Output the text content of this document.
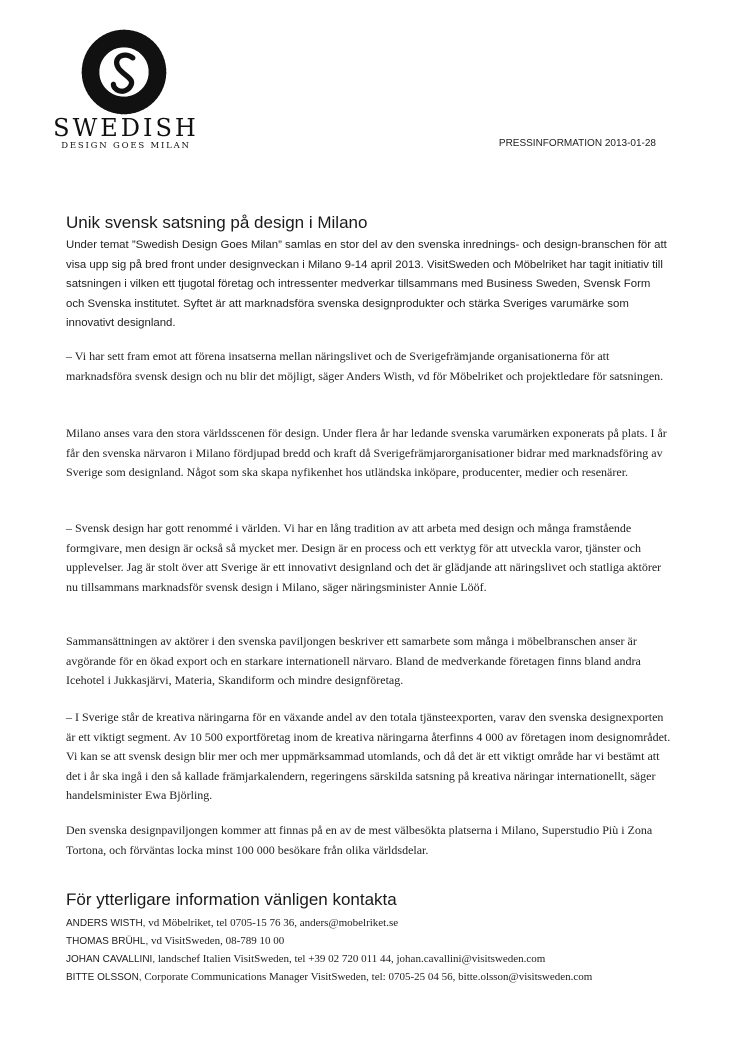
SWEDISH
DESIGN GOES MILAN	PRESSINFORMATION 2013-01-28
Unik svensk satsning på design i Milano

Under temat ”Swedish Design Goes Milan” samlas en stor del av den svenska inrednings- och design-branschen för att visa upp sig på bred front under designveckan i Milano 9-14 april 2013. VisitSweden och Möbelriket har tagit initiativ till satsningen i vilken ett tjugotal företag och intressenter medverkar tillsammans med Business Sweden, Svensk Form och Svenska institutet. Syftet är att marknadsföra svenska designprodukter och stärka Sveriges varumärke som innovativt designland.

– Vi har sett fram emot att förena insatserna mellan näringslivet och de Sverigefrämjande organisationerna för att marknadsföra svensk design och nu blir det möjligt, säger Anders Wisth, vd för Möbelriket och projektledare för satsningen.

Milano anses vara den stora världsscenen för design. Under flera år har ledande svenska varumärken exponerats på plats. I år får den svenska närvaron i Milano fördjupad bredd och kraft då Sverigefrämjarorganisationer bidrar med marknadsföring av Sverige som designland. Något som ska skapa nyfikenhet hos utländska inköpare, producenter, medier och resenärer.

– Svensk design har gott renommé i världen. Vi har en lång tradition av att arbeta med design och många framstående formgivare, men design är också så mycket mer. Design är en process och ett verktyg för att utveckla varor, tjänster och upplevelser. Jag är stolt över att Sverige är ett innovativt designland och det är glädjande att näringslivet och statliga aktörer nu tillsammans marknadsför svensk design i Milano, säger näringsminister Annie Lööf.

Sammansättningen av aktörer i den svenska paviljongen beskriver ett samarbete som många i möbelbranschen anser är avgörande för en ökad export och en starkare internationell närvaro. Bland de medverkande företagen finns bland andra Icehotel i Jukkasjärvi, Materia, Skandiform och mindre designföretag.

– I Sverige står de kreativa näringarna för en växande andel av den totala tjänsteexporten, varav den svenska designexporten är ett viktigt segment. Av 10 500 exportföretag inom de kreativa näringarna återfinns 4 000 av företagen inom designområdet. Vi kan se att svensk design blir mer och mer uppmärksammad utomlands, och då det är ett viktigt område har vi bestämt att det i år ska ingå i den så kallade främjarkalendern, regeringens särskilda satsning på kreativa näringar internationellt, säger handelsminister Ewa Björling.

Den svenska designpaviljongen kommer att finnas på en av de mest välbesökta platserna i Milano, Superstudio Più i Zona Tortona, och förväntas locka minst 100 000 besökare från olika världsdelar.

För ytterligare information vänligen kontakta
ANDERS WISTH, vd Möbelriket, tel 0705-15 76 36, anders@mobelriket.se
THOMAS BRÜHL, vd VisitSweden, 08-789 10 00
JOHAN CAVALLINI, landschef Italien VisitSweden, tel +39 02 720 011 44, johan.cavallini@visitsweden.com
BITTE OLSSON, Corporate Communications Manager VisitSweden, tel: 0705-25 04 56, bitte.olsson@visitsweden.com
